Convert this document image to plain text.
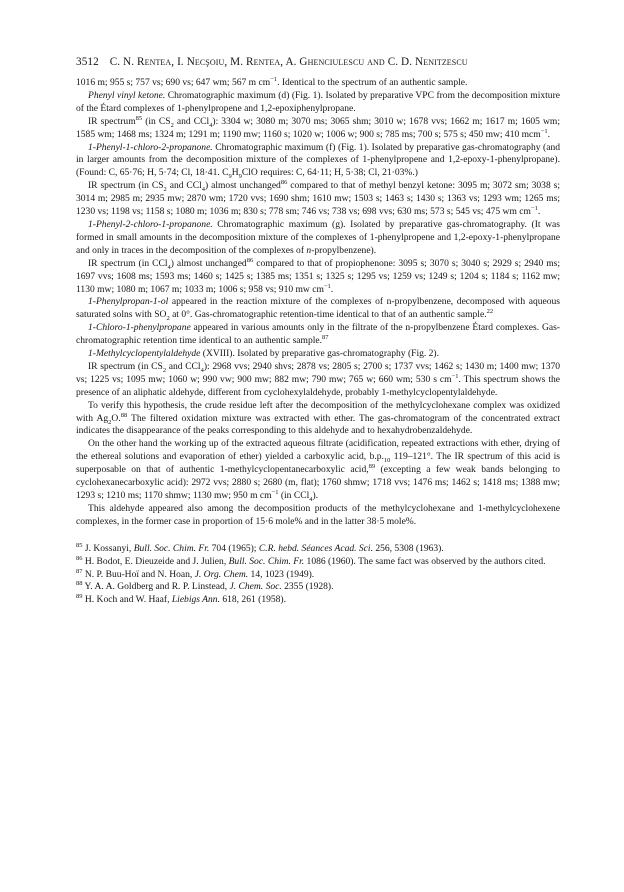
3512 C. N. Rentea, I. Necşoiu, M. Rentea, A. Ghenciulescu and C. D. Nenitzescu

1016 m; 955 s; 757 vs; 690 vs; 647 wm; 567 m $cm^{-1}$. Identical to the spectrum of an authentic sample.

Phenyl vinyl ketone. Chromatographic maximum (d) (Fig. 1). Isolated by preparative VPC from the decomposition mixture of the Étard complexes of 1-phenylpropene and 1,2-epoxiphenylpropane.

IR spectrum$^{85}$ (in $CS_2$ and CCl$_4$): 3304 w; 3080 m; 3070 ms; 3065 shm; 3010 w; 1678 vvs; 1662 m; 1617 m; 1605 wm; 1585 wm; 1468 ms; 1324 m; 1291 m; 1190 mw; 1160 s; 1020 w; 1006 w; 900 s; 785 ms; 700 s; 575 s; 450 mw; 410 mcm$^{-1}$.

1-Phenyl-1-chloro-2-propanone. Chromatographic maximum (f) (Fig. 1). Isolated by preparative gas-chromatography (and in larger amounts from the decomposition mixture of the complexes of 1-phenylpropene and 1,2-epoxy-1-phenylpropane). (Found: C, 65·76; H, 5·74; Cl, 18·41. $C_9H_9ClO$ requires: C, 64·11; H, 5·38; Cl, 21·03%.)

IR spectrum (in $CS_2$ and CCl$_4$) almost unchanged$^{86}$ compared to that of methyl benzyl ketone: 3095 m; 3072 sm; 3038 s; 3014 m; 2985 m; 2935 mw; 2870 wm; 1720 vvs; 1690 shm; 1610 mw; 1503 s; 1463 s; 1430 s; 1363 vs; 1293 wm; 1265 ms; 1230 vs; 1198 vs; 1158 s; 1080 m; 1036 m; 830 s; 778 sm; 746 vs; 738 vs; 698 vvs; 630 ms; 573 s; 545 vs; 475 wm $cm^{-1}$.

1-Phenyl-2-chloro-1-propanone. Chromatographic maximum (g). Isolated by preparative gas-chromatography. (It was formed in small amounts in the decomposition mixture of the complexes of 1-phenylpropene and 1,2-epoxy-1-phenylpropane and only in traces in the decomposition of the complexes of n-propylbenzene).

IR spectrum (in CCl$_4$) almost unchanged$^{86}$ compared to that of propiophenone: 3095 s; 3070 s; 3040 s; 2929 s; 2940 ms; 1697 vvs; 1608 ms; 1593 ms; 1460 s; 1425 s; 1385 ms; 1351 s; 1325 s; 1295 vs; 1259 vs; 1249 s; 1204 s; 1184 s; 1162 mw; 1130 mw; 1080 m; 1067 m; 1033 m; 1006 s; 958 vs; 910 mw $cm^{-1}$.

1-Phenylpropan-1-ol appeared in the reaction mixture of the complexes of n-propylbenzene, decomposed with aqueous saturated solns with $SO_2$ at 0°. Gas-chromatographic retention-time identical to that of an authentic sample.$^{22}$

1-Chloro-1-phenylpropane appeared in various amounts only in the filtrate of the n-propylbenzene Étard complexes. Gas-chromatographic retention time identical to an authentic sample.$^{87}$

1-Methylcyclopentylaldehyde (XVIII). Isolated by preparative gas-chromatography (Fig. 2).

IR spectrum (in $CS_2$ and CCl$_4$): 2968 vvs; 2940 shvs; 2878 vs; 2805 s; 2700 s; 1737 vvs; 1462 s; 1430 m; 1400 mw; 1370 vs; 1225 vs; 1095 mw; 1060 w; 990 vw; 900 mw; 882 mw; 790 mw; 765 w; 660 wm; 530 s $cm^{-1}$. This spectrum shows the presence of an aliphatic aldehyde, different from cyclohexylaldehyde, probably 1-methylcyclopentylaldehyde.

To verify this hypothesis, the crude residue left after the decomposition of the methylcyclohexane complex was oxidized with $Ag_2O.^{88}$ The filtered oxidation mixture was extracted with ether. The gas-chromatogram of the concentrated extract indicates the disappearance of the peaks corresponding to this aldehyde and to hexahydrobenzaldehyde.

On the other hand the working up of the extracted aqueous filtrate (acidification, repeated extractions with ether, drying of the ethereal solutions and evaporation of ether) yielded a carboxylic acid, $b.p._{10}$ 119–121°. The IR spectrum of this acid is superposable on that of authentic 1-methylcyclopentanecarboxylic acid,$^{89}$ (excepting a few weak bands belonging to cyclohexanecarboxylic acid): 2972 vvs; 2880 s; 2680 (m, flat); 1760 shmw; 1718 vvs; 1476 ms; 1462 s; 1418 ms; 1388 mw; 1293 s; 1210 ms; 1170 shmw; 1130 mw; 950 m $cm^{-1}$ (in CCl$_4$).

This aldehyde appeared also among the decomposition products of the methylcyclohexane and 1-methylcyclohexene complexes, in the former case in proportion of 15·6 mole% and in the latter 38·5 mole%.

$^{85}$ J. Kossanyi, Bull. Soc. Chim. Fr. 704 (1965); C.R. hebd. Séances Acad. Sci. 256, 5308 (1963).

$^{86}$ H. Bodot, E. Dieuzeide and J. Julien, Bull. Soc. Chim. Fr. 1086 (1960). The same fact was observed by the authors cited.

$^{87}$ N. P. Buu-Hoï and N. Hoan, J. Org. Chem. 14, 1023 (1949).

$^{88}$ Y. A. A. Goldberg and R. P. Linstead, J. Chem. Soc. 2355 (1928).

$^{89}$ H. Koch and W. Haaf, Liebigs Ann. 618, 261 (1958).
